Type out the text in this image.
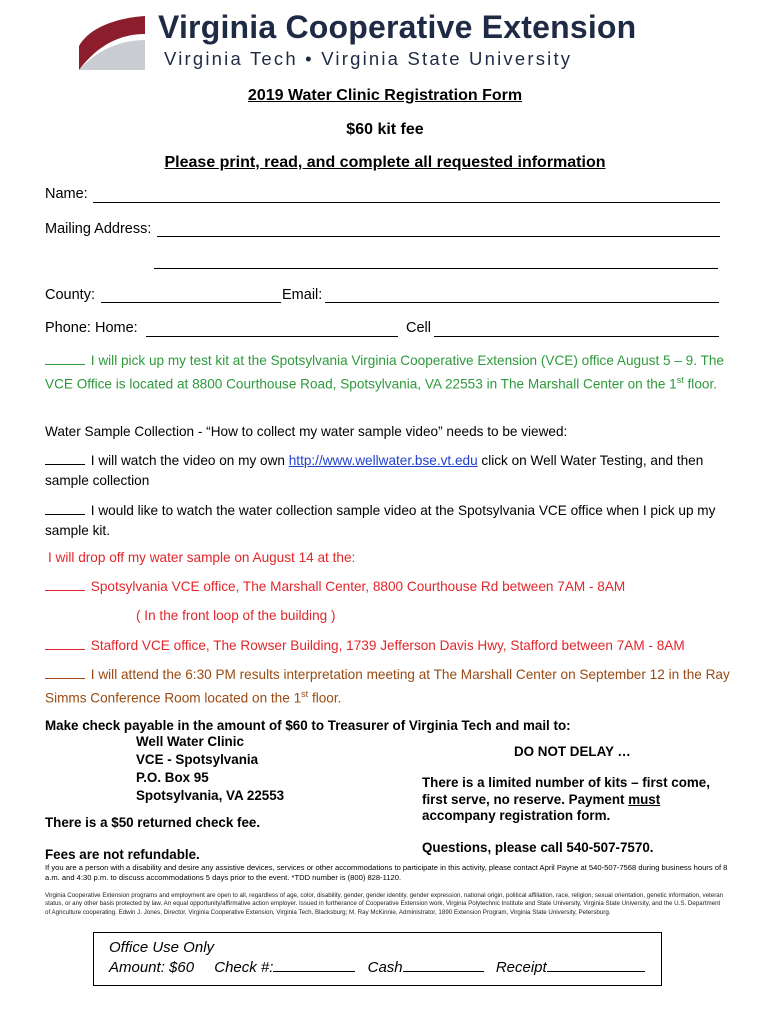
Virginia Cooperative Extension
Virginia Tech • Virginia State University
2019 Water Clinic Registration Form
$60 kit fee
Please print, read, and complete all requested information
Name:
Mailing Address:
County:	Email:
Phone: Home:	Cell
I will pick up my test kit at the Spotsylvania Virginia Cooperative Extension (VCE) office August 5 – 9. The VCE Office is located at 8800 Courthouse Road, Spotsylvania, VA 22553 in The Marshall Center on the 1st floor.
Water Sample Collection - “How to collect my water sample video” needs to be viewed:
I will watch the video on my own http://www.wellwater.bse.vt.edu click on Well Water Testing, and then sample collection
I would like to watch the water collection sample video at the Spotsylvania VCE office when I pick up my sample kit.
I will drop off my water sample on August 14 at the:
Spotsylvania VCE office, The Marshall Center, 8800 Courthouse Rd between 7AM - 8AM
( In the front loop of the building )
Stafford VCE office, The Rowser Building, 1739 Jefferson Davis Hwy, Stafford between 7AM - 8AM
I will attend the 6:30 PM results interpretation meeting at The Marshall Center on September 12 in the Ray Simms Conference Room located on the 1st floor.
Make check payable in the amount of $60 to Treasurer of Virginia Tech and mail to:
Well Water Clinic
VCE - Spotsylvania
P.O. Box 95
Spotsylvania, VA 22553
There is a $50 returned check fee.
Fees are not refundable.
DO NOT DELAY …
There is a limited number of kits – first come, first serve, no reserve. Payment must accompany registration form.
Questions, please call 540-507-7570.
If you are a person with a disability and desire any assistive devices, services or other accommodations to participate in this activity, please contact April Payne at 540-507-7568 during business hours of 8 a.m. and 4:30 p.m. to discuss accommodations 5 days prior to the event. *TDD number is (800) 828-1120.
Virginia Cooperative Extension programs and employment are open to all, regardless of age, color, disability, gender, gender identity, gender expression, national origin, political affiliation, race, religion, sexual orientation, genetic information, veteran status, or any other basis protected by law. An equal opportunity/affirmative action employer. Issued in furtherance of Cooperative Extension work, Virginia Polytechnic Institute and State University, Virginia State University, and the U.S. Department of Agriculture cooperating. Edwin J. Jones, Director, Virginia Cooperative Extension, Virginia Tech, Blacksburg; M. Ray McKinnie, Administrator, 1890 Extension Program, Virginia State University, Petersburg.
Office Use Only
Amount: $60 Check #:	Cash	Receipt
